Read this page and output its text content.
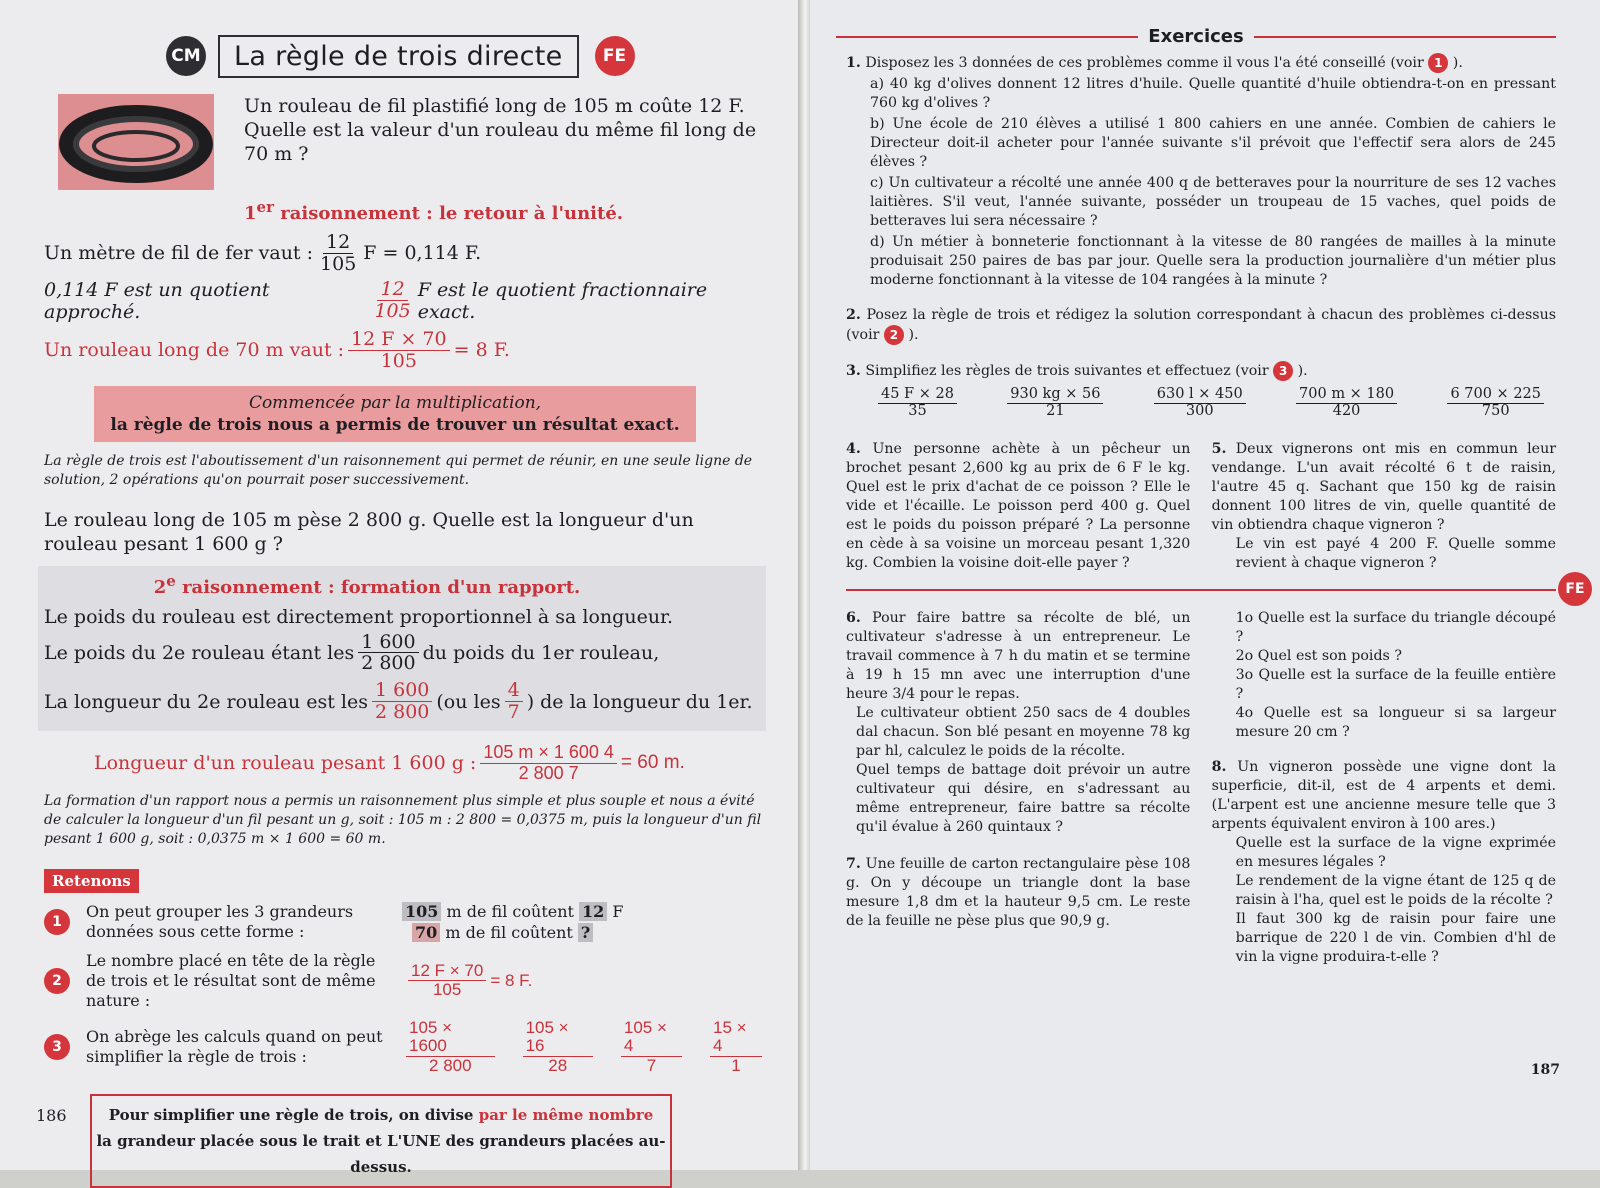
CM	La règle de trois directe	FE

Un rouleau de fil plastifié long de 105 m coûte 12 F. Quelle est la valeur d'un rouleau du même fil long de 70 m ?

1er raisonnement : le retour à l'unité.

Un mètre de fil de fer vaut : $\frac{12}{105}$ F = 0,114 F.
0,114 F est un quotient approché.	$\frac{12}{105}$ F est le quotient fractionnaire exact.
Un rouleau long de 70 m vaut : $\frac{12 F \times 70}{105} = 8$ F.
Commencée par la multiplication,
la règle de trois nous a permis de trouver un résultat exact.

La règle de trois est l'aboutissement d'un raisonnement qui permet de réunir, en une seule ligne de solution, 2 opérations qu'on pourrait poser successivement.

Le rouleau long de 105 m pèse 2 800 g. Quelle est la longueur d'un rouleau pesant 1 600 g ?

2e raisonnement : formation d'un rapport.

Le poids du rouleau est directement proportionnel à sa longueur.

Le poids du 2e rouleau étant les $\frac{1 600}{2 800}$ du poids du 1er rouleau,
La longueur du 2e rouleau est les $\frac{1 600}{2 800} (ou$ les $\frac{4}{7}$ ) de la longueur du 1er.
Longueur d'un rouleau pesant 1 600 g : $\frac{105 m \times 1 600 4}{2 800 7} = 60$ m.

La formation d'un rapport nous a permis un raisonnement plus simple et plus souple et nous a évité de calculer la longueur d'un fil pesant un g, soit : 105 m : 2 800 = 0,0375 m, puis la longueur d'un fil pesant 1 600 g, soit : 0,0375 m × 1 600 = 60 m.

Retenons
1
On peut grouper les 3 grandeurs données sous cette forme :
105 m de fil coûtent 12 F
70 m de fil coûtent ?
2
Le nombre placé en tête de la règle de trois et le résultat sont de même nature :
$\frac{12 F \times 70}{105} = 8$ F.
3
On abrège les calculs quand on peut simplifier la règle de trois :	$\frac{105 \times 1600}{2 800} \frac{105 \times 16}{28} \frac{105 \times 4}{7} \frac{15 \times 4}{1}$
Pour simplifier une règle de trois, on divise par le même nombre
la grandeur placée sous le trait et L'UNE des grandeurs placées au-dessus.
186
Exercices

1. Disposez les 3 données de ces problèmes comme il vous l'a été conseillé (voir 1 ).

a) 40 kg d'olives donnent 12 litres d'huile. Quelle quantité d'huile obtiendra-t-on en pressant 760 kg d'olives ?

b) Une école de 210 élèves a utilisé 1 800 cahiers en une année. Combien de cahiers le Directeur doit-il acheter pour l'année suivante s'il prévoit que l'effectif sera alors de 245 élèves ?

c) Un cultivateur a récolté une année 400 q de betteraves pour la nourriture de ses 12 vaches laitières. S'il veut, l'année suivante, posséder un troupeau de 15 vaches, quel poids de betteraves lui sera nécessaire ?

d) Un métier à bonneterie fonctionnant à la vitesse de 80 rangées de mailles à la minute produisait 250 paires de bas par jour. Quelle sera la production journalière d'un métier plus moderne fonctionnant à la vitesse de 104 rangées à la minute ?

2. Posez la règle de trois et rédigez la solution correspondant à chacun des problèmes ci-dessus (voir 2 ).

3. Simplifiez les règles de trois suivantes et effectuez (voir 3 ).

$\frac{45 F \times 28}{35}$	$\frac{930 kg \times 56}{21}$	$\frac{630 l \times 450}{300}$	$\frac{700 m \times 180}{420}$	$\frac{6 700 \times 225}{750}$

4. Une personne achète à un pêcheur un brochet pesant 2,600 kg au prix de 6 F le kg. Quel est le prix d'achat de ce poisson ? Elle le vide et l'écaille. Le poisson perd 400 g. Quel est le poids du poisson préparé ? La personne en cède à sa voisine un morceau pesant 1,320 kg. Combien la voisine doit-elle payer ?

5. Deux vignerons ont mis en commun leur vendange. L'un avait récolté 6 t de raisin, l'autre 45 q. Sachant que 150 kg de raisin donnent 100 litres de vin, quelle quantité de vin obtiendra chaque vigneron ?

Le vin est payé 4 200 F. Quelle somme revient à chaque vigneron ?

FE

6. Pour faire battre sa récolte de blé, un cultivateur s'adresse à un entrepreneur. Le travail commence à 7 h du matin et se termine à 19 h 15 mn avec une interruption d'une heure 3/4 pour le repas.

Le cultivateur obtient 250 sacs de 4 doubles dal chacun. Son blé pesant en moyenne 78 kg par hl, calculez le poids de la récolte.

Quel temps de battage doit prévoir un autre cultivateur qui désire, en s'adressant au même entrepreneur, faire battre sa récolte qu'il évalue à 260 quintaux ?

7. Une feuille de carton rectangulaire pèse 108 g. On y découpe un triangle dont la base mesure 1,8 dm et la hauteur 9,5 cm. Le reste de la feuille ne pèse plus que 90,9 g.

1o Quelle est la surface du triangle découpé ?

2o Quel est son poids ?

3o Quelle est la surface de la feuille entière ?

4o Quelle est sa longueur si sa largeur mesure 20 cm ?

8. Un vigneron possède une vigne dont la superficie, dit-il, est de 4 arpents et demi. (L'arpent est une ancienne mesure telle que 3 arpents équivalent environ à 100 ares.)

Quelle est la surface de la vigne exprimée en mesures légales ?

Le rendement de la vigne étant de 125 q de raisin à l'ha, quel est le poids de la récolte ?

Il faut 300 kg de raisin pour faire une barrique de 220 l de vin. Combien d'hl de vin la vigne produira-t-elle ?

187
